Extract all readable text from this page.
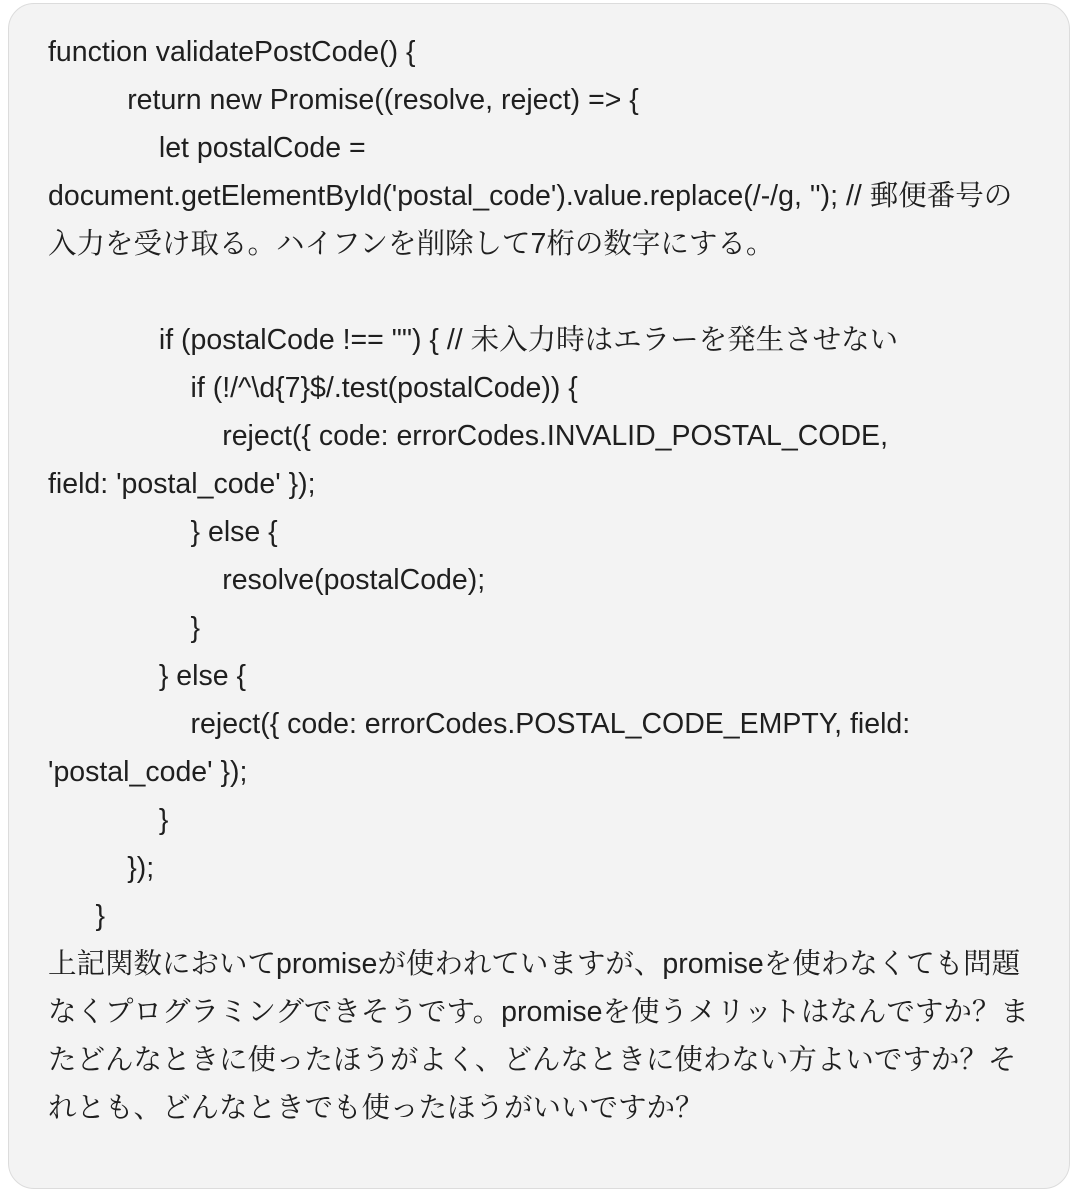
function validatePostCode() {
return new Promise((resolve, reject) => {
let postalCode =
document.getElementById('postal_code').value.replace(/-/g, ''); // 郵便番号の入力を受け取る。ハイフンを削除して7桁の数字にする。

if (postalCode !== "") { // 未入力時はエラーを発生させない
if (!/^\d{7}$/.test(postalCode)) {
reject({ code: errorCodes.INVALID_POSTAL_CODE,
field: 'postal_code' });
} else {
resolve(postalCode);
}
} else {
reject({ code: errorCodes.POSTAL_CODE_EMPTY, field:
'postal_code' });
}
});
}
上記関数においてpromiseが使われていますが、promiseを使わなくても問題なくプログラミングできそうです。promiseを使うメリットはなんですか？またどんなときに使ったほうがよく、どんなときに使わない方よいですか？それとも、どんなときでも使ったほうがいいですか？
